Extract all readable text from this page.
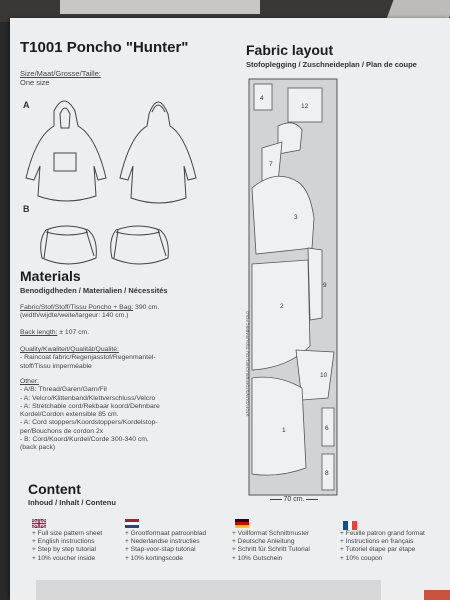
T1001 Poncho "Hunter"
Size/Maat/Grosse/Taille:
One size
A
B
Materials
Benodigdheden / Materialien / Nécessités
Fabric/Stof/Stoff/Tissu Poncho + Bag: 390 cm.
(width/wijdte/weite/largeur: 140 cm.)
Back length: ± 107 cm.
Quality/Kwaliteit/Qualität/Qualité:
- Raincoat fabric/Regenjasstof/Regenmantel-
stoff/Tissu imperméable
Other:
- A/B: Thread/Garen/Garn/Fil
- A: Velcro/Klittenband/Klettverschluss/Velcro
- A: Stretchable cord/Rekbaar koord/Dehnbare
Kordel/Cordon extensible 85 cm.
- A: Cord stoppers/Koordstoppers/Kordelstop-
per/Bouchons de cordon 2x
- B: Cord/Koord/Kurdel/Corde 300-340 cm.
(back pack)
Fabric layout
Stofoplegging / Zuschneideplan / Plan de coupe
STOFVOUW/STOFFBRUCH/PLI DU TISSU/FABRIC FOLD
4
12
7
3
9
2
10
1	6
8
70 cm.
Content
Inhoud / Inhalt / Contenu
+ Full size pattern sheet
+ English instructions
+ Step by step tutorial
+ 10% voucher inside
+ Grootformaat patroonblad
+ Nederlandse instructies
+ Stap-voor-stap tutorial
+ 10% kortingscode
+ Vollformat Schnittmuster
+ Deutsche Anleitung
+ Schritt für Schritt Tutorial
+ 10% Gutschein
+ Feuille patron grand format
+ Instructions en français
+ Tutoriel étape par étape
+ 10% coupon
